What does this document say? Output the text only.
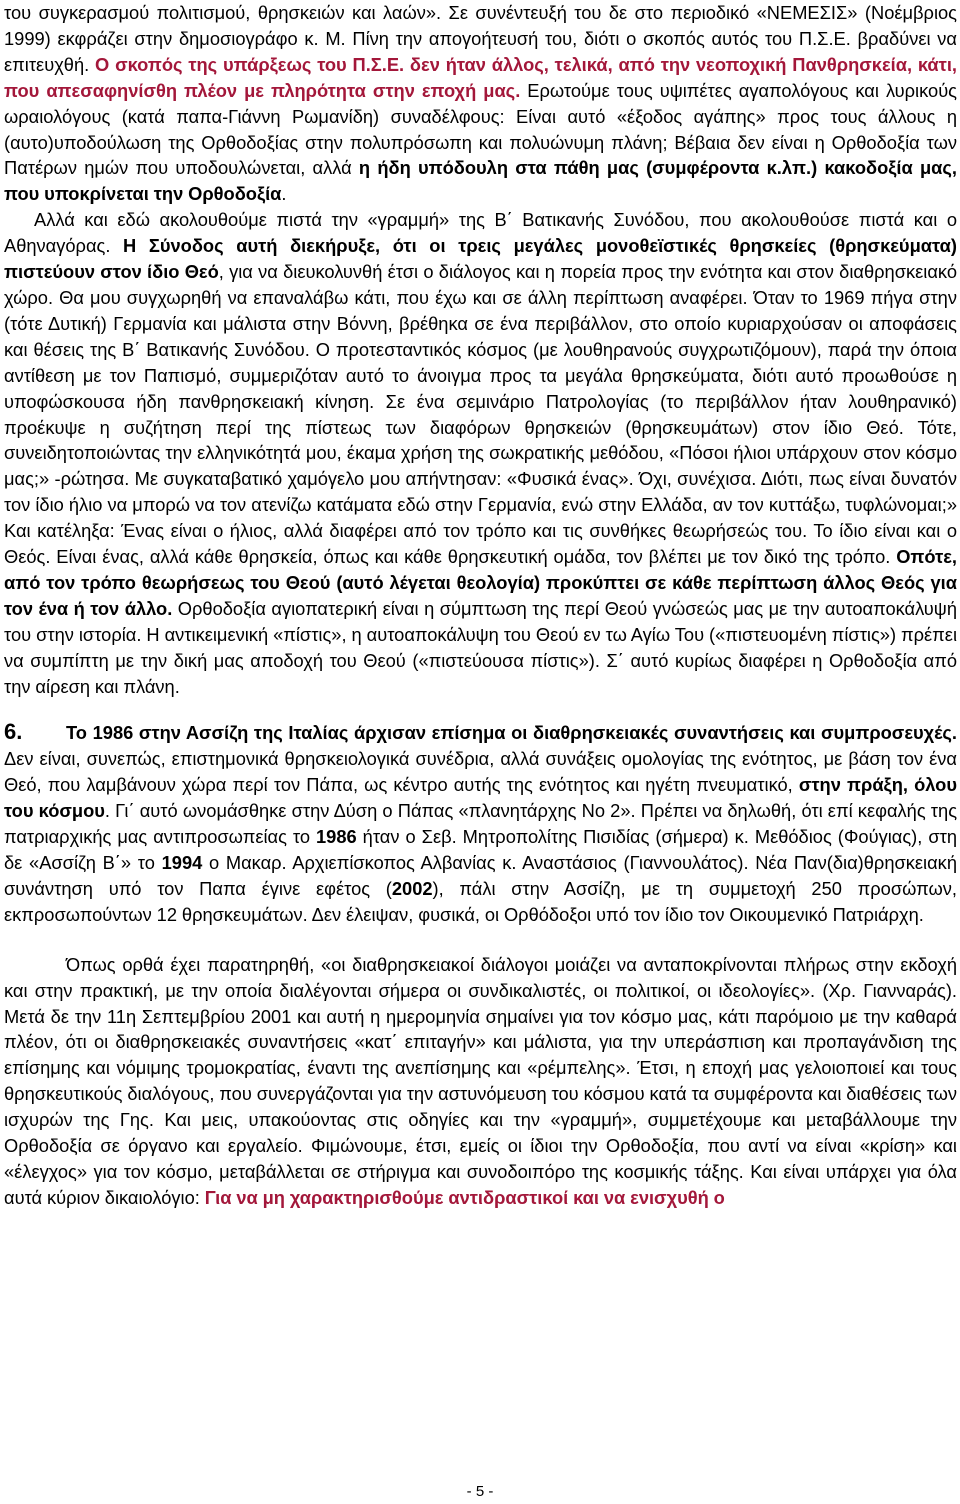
του συγκερασμού πολιτισμού, θρησκειών και λαών». Σε συνέντευξή του δε στο περιοδικό «ΝΕΜΕΣΙΣ» (Νοέμβριος 1999) εκφράζει στην δημοσιογράφο κ. Μ. Πίνη την απογοήτευσή του, διότι ο σκοπός αυτός του Π.Σ.Ε. βραδύνει να επιτευχθή. Ο σκοπός της υπάρξεως του Π.Σ.Ε. δεν ήταν άλλος, τελικά, από την νεοποχική Πανθρησκεία, κάτι, που απεσαφηνίσθη πλέον με πληρότητα στην εποχή μας. Ερωτούμε τους υψιπέτες αγαπολόγους και λυρικούς ωραιολόγους (κατά παπα-Γιάννη Ρωμανίδη) συναδέλφους: Είναι αυτό «έξοδος αγάπης» προς τους άλλους η (αυτο)υποδούλωση της Ορθοδοξίας στην πολυπρόσωπη και πολυώνυμη πλάνη; Βέβαια δεν είναι η Ορθοδοξία των Πατέρων ημών που υποδουλώνεται, αλλά η ήδη υπόδουλη στα πάθη μας (συμφέροντα κ.λπ.) κακοδοξία μας, που υποκρίνεται την Ορθοδοξία.

Αλλά και εδώ ακολουθούμε πιστά την «γραμμή» της Β΄ Βατικανής Συνόδου, που ακολουθούσε πιστά και ο Αθηναγόρας. Η Σύνοδος αυτή διεκήρυξε, ότι οι τρεις μεγάλες μονοθεϊστικές θρησκείες (θρησκεύματα) πιστεύουν στον ίδιο Θεό, για να διευκολυνθή έτσι ο διάλογος και η πορεία προς την ενότητα και στον διαθρησκειακό χώρο. Θα μου συγχωρηθή να επαναλάβω κάτι, που έχω και σε άλλη περίπτωση αναφέρει. Όταν το 1969 πήγα στην (τότε Δυτική) Γερμανία και μάλιστα στην Βόννη, βρέθηκα σε ένα περιβάλλον, στο οποίο κυριαρχούσαν οι αποφάσεις και θέσεις της Β΄ Βατικανής Συνόδου. Ο προτεσταντικός κόσμος (με λουθηρανούς συγχρωτιζόμουν), παρά την όποια αντίθεση με τον Παπισμό, συμμεριζόταν αυτό το άνοιγμα προς τα μεγάλα θρησκεύματα, διότι αυτό προωθούσε η υποφώσκουσα ήδη πανθρησκειακή κίνηση. Σε ένα σεμινάριο Πατρολογίας (το περιβάλλον ήταν λουθηρανικό) προέκυψε η συζήτηση περί της πίστεως των διαφόρων θρησκειών (θρησκευμάτων) στον ίδιο Θεό. Τότε, συνειδητοποιώντας την ελληνικότητά μου, έκαμα χρήση της σωκρατικής μεθόδου, «Πόσοι ήλιοι υπάρχουν στον κόσμο μας;» -ρώτησα. Με συγκαταβατικό χαμόγελο μου απήντησαν: «Φυσικά ένας». Όχι, συνέχισα. Διότι, πως είναι δυνατόν τον ίδιο ήλιο να μπορώ να τον ατενίζω κατάματα εδώ στην Γερμανία, ενώ στην Ελλάδα, αν τον κυττάξω, τυφλώνομαι;» Και κατέληξα: Ένας είναι ο ήλιος, αλλά διαφέρει από τον τρόπο και τις συνθήκες θεωρήσεώς του. Το ίδιο είναι και ο Θεός. Είναι ένας, αλλά κάθε θρησκεία, όπως και κάθε θρησκευτική ομάδα, τον βλέπει με τον δικό της τρόπο. Οπότε, από τον τρόπο θεωρήσεως του Θεού (αυτό λέγεται θεολογία) προκύπτει σε κάθε περίπτωση άλλος Θεός για τον ένα ή τον άλλο. Ορθοδοξία αγιοπατερική είναι η σύμπτωση της περί Θεού γνώσεώς μας με την αυτοαποκάλυψή του στην ιστορία. Η αντικειμενική «πίστις», η αυτοαποκάλυψη του Θεού εν τω Αγίω Του («πιστευομένη πίστις») πρέπει να συμπίπτη με την δική μας αποδοχή του Θεού («πιστεύουσα πίστις»). Σ΄ αυτό κυρίως διαφέρει η Ορθοδοξία από την αίρεση και πλάνη.

6. Το 1986 στην Ασσίζη της Ιταλίας άρχισαν επίσημα οι διαθρησκειακές συναντήσεις και συμπροσευχές. Δεν είναι, συνεπώς, επιστημονικά θρησκειολογικά συνέδρια, αλλά συνάξεις ομολογίας της ενότητος, με βάση τον ένα Θεό, που λαμβάνουν χώρα περί τον Πάπα, ως κέντρο αυτής της ενότητος και ηγέτη πνευματικό, στην πράξη, όλου του κόσμου. Γι΄ αυτό ωνομάσθηκε στην Δύση ο Πάπας «πλανητάρχης Νο 2». Πρέπει να δηλωθή, ότι επί κεφαλής της πατριαρχικής μας αντιπροσωπείας το 1986 ήταν ο Σεβ. Μητροπολίτης Πισιδίας (σήμερα) κ. Μεθόδιος (Φούγιας), στη δε «Ασσίζη Β΄» το 1994 ο Μακαρ. Αρχιεπίσκοπος Αλβανίας κ. Αναστάσιος (Γιαννουλάτος). Νέα Παν(δια)θρησκειακή συνάντηση υπό τον Παπα έγινε εφέτος (2002), πάλι στην Ασσίζη, με τη συμμετοχή 250 προσώπων, εκπροσωπούντων 12 θρησκευμάτων. Δεν έλειψαν, φυσικά, οι Ορθόδοξοι υπό τον ίδιο τον Οικουμενικό Πατριάρχη.

Όπως ορθά έχει παρατηρηθή, «οι διαθρησκειακοί διάλογοι μοιάζει να ανταποκρίνονται πλήρως στην εκδοχή και στην πρακτική, με την οποία διαλέγονται σήμερα οι συνδικαλιστές, οι πολιτικοί, οι ιδεολογίες». (Χρ. Γιανναράς). Μετά δε την 11η Σεπτεμβρίου 2001 και αυτή η ημερομηνία σημαίνει για τον κόσμο μας, κάτι παρόμοιο με την καθαρά πλέον, ότι οι διαθρησκειακές συναντήσεις «κατ΄ επιταγήν» και μάλιστα, για την υπεράσπιση και προπαγάνδιση της επίσημης και νόμιμης τρομοκρατίας, έναντι της ανεπίσημης και «ρέμπελης». Έτσι, η εποχή μας γελοιοποιεί και τους θρησκευτικούς διαλόγους, που συνεργάζονται για την αστυνόμευση του κόσμου κατά τα συμφέροντα και διαθέσεις των ισχυρών της Γης. Και μεις, υπακούοντας στις οδηγίες και την «γραμμή», συμμετέχουμε και μεταβάλλουμε την Ορθοδοξία σε όργανο και εργαλείο. Φιμώνουμε, έτσι, εμείς οι ίδιοι την Ορθοδοξία, που αντί να είναι «κρίση» και «έλεγχος» για τον κόσμο, μεταβάλλεται σε στήριγμα και συνοδοιπόρο της κοσμικής τάξης. Και είναι υπάρχει για όλα αυτά κύριον δικαιολόγιο: Για να μη χαρακτηρισθούμε αντιδραστικοί και να ενισχυθή ο

- 5 -
